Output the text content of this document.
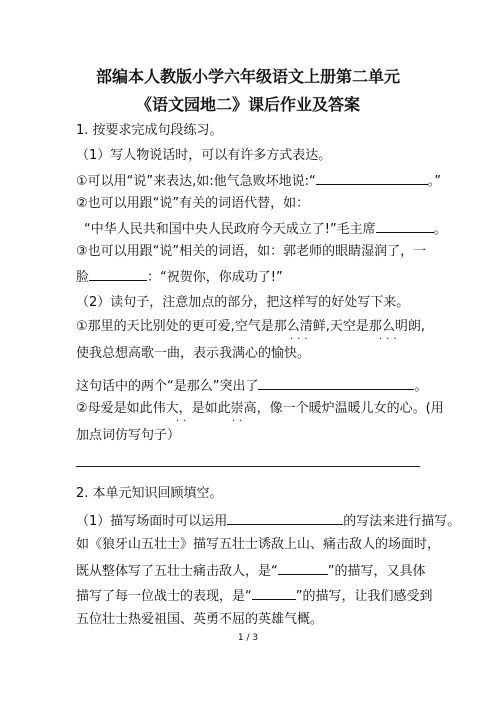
部编本人教版小学六年级语文上册第二单元
《语文园地二》课后作业及答案
1. 按要求完成句段练习。
（1）写人物说话时，可以有许多方式表达。
①可以用“说”来表达,如:他气急败坏地说:“	。”
②也可以用跟“说”有关的词语代替，如：
“中华人民共和国中央人民政府今天成立了!”毛主席	。
③也可以用跟“说”相关的词语，如：郭老师的眼睛湿润了，一
脸	：“祝贺你，你成功了!”
（2）读句子，注意加点的部分，把这样写的好处写下来。
①那里的天比别处的更可爱,空气是那么清鲜,天空是那么明朗,
·    ·    ·	·    ·    ·
使我总想高歌一曲，表示我满心的愉快。
这句话中的两个“是那么”突出了	。
②母爱是如此伟大，是如此崇高，像一个暖炉温暖儿女的心。(用
·    ·	·    ·
加点词仿写句子）
2. 本单元知识回顾填空。
（1）描写场面时可以运用	的写法来进行描写。
如《狼牙山五壮士》描写五壮士诱敌上山、痛击敌人的场面时，
既从整体写了五壮士痛击敌人，是“	”的描写，又具体
描写了每一位战士的表现，是“	”的描写，让我们感受到
五位壮士热爱祖国、英勇不屈的英雄气概。
1 / 3
